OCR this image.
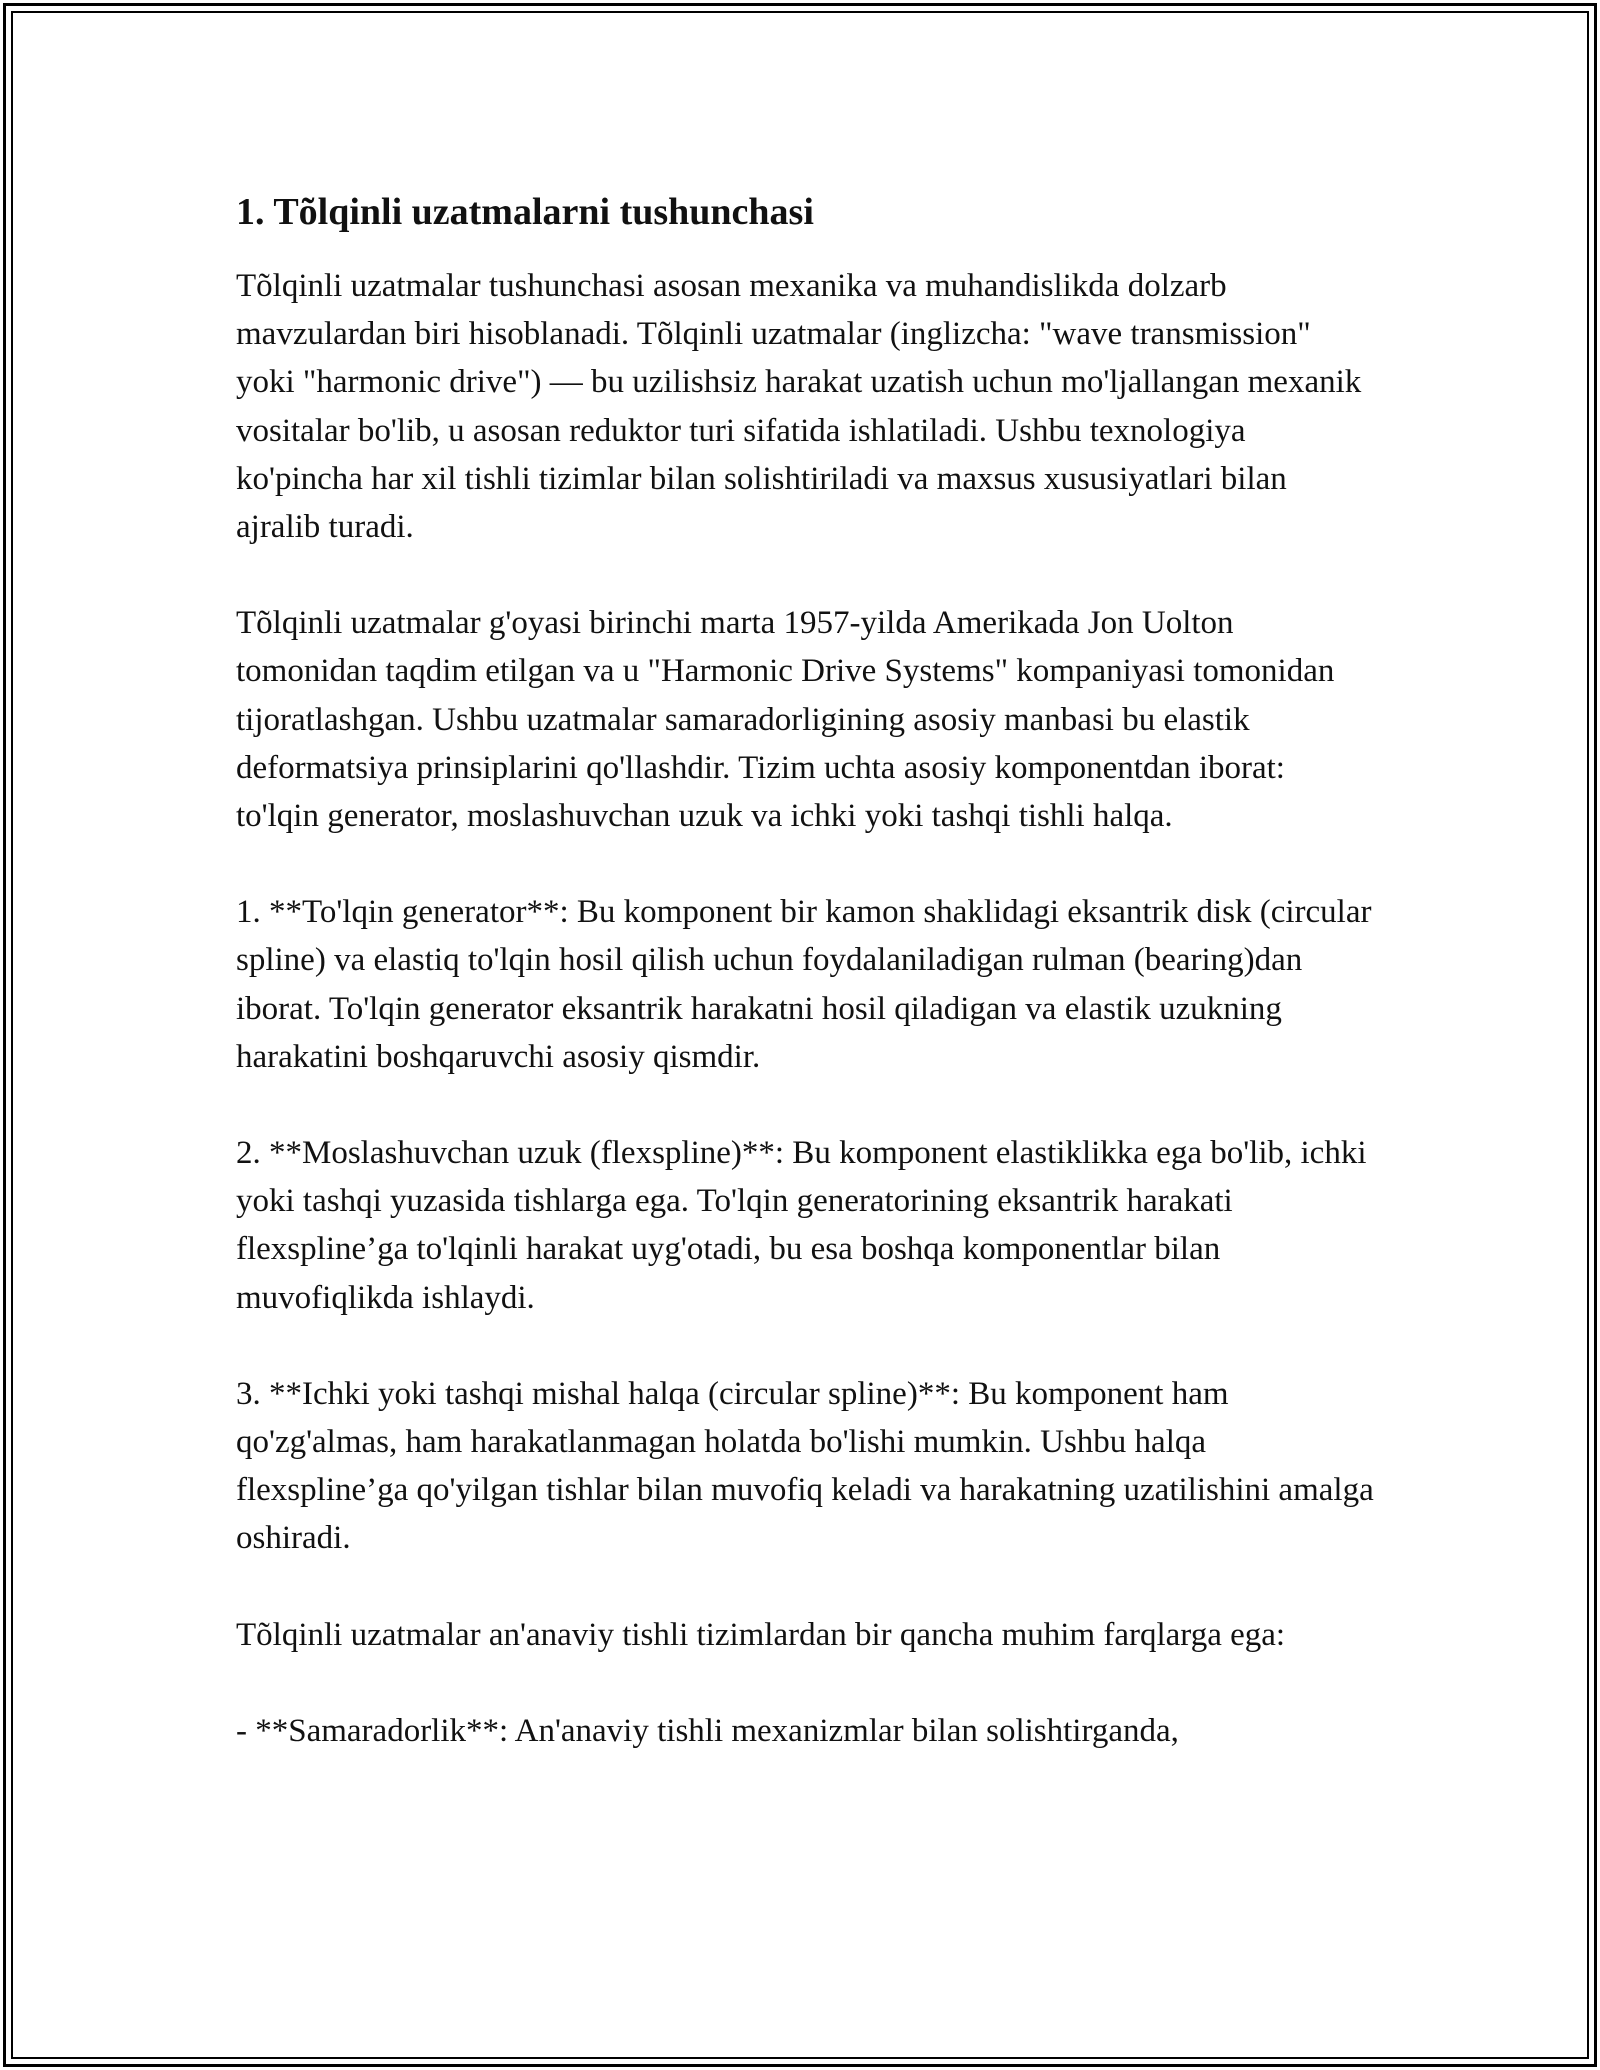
1. Tõlqinli uzatmalarni tushunchasi

Tõlqinli uzatmalar tushunchasi asosan mexanika va muhandislikda dolzarb mavzulardan biri hisoblanadi. Tõlqinli uzatmalar (inglizcha: "wave transmission" yoki "harmonic drive") — bu uzilishsiz harakat uzatish uchun mo'ljallangan mexanik vositalar bo'lib, u asosan reduktor turi sifatida ishlatiladi. Ushbu texnologiya ko'pincha har xil tishli tizimlar bilan solishtiriladi va maxsus xususiyatlari bilan ajralib turadi.

Tõlqinli uzatmalar g'oyasi birinchi marta 1957-yilda Amerikada Jon Uolton tomonidan taqdim etilgan va u "Harmonic Drive Systems" kompaniyasi tomonidan tijoratlashgan. Ushbu uzatmalar samaradorligining asosiy manbasi bu elastik deformatsiya prinsiplarini qo'llashdir. Tizim uchta asosiy komponentdan iborat: to'lqin generator, moslashuvchan uzuk va ichki yoki tashqi tishli halqa.

1. **To'lqin generator**: Bu komponent bir kamon shaklidagi eksantrik disk (circular spline) va elastiq to'lqin hosil qilish uchun foydalaniladigan rulman (bearing)dan iborat. To'lqin generator eksantrik harakatni hosil qiladigan va elastik uzukning harakatini boshqaruvchi asosiy qismdir.

2. **Moslashuvchan uzuk (flexspline)**: Bu komponent elastiklikka ega bo'lib, ichki yoki tashqi yuzasida tishlarga ega. To'lqin generatorining eksantrik harakati flexspline’ga to'lqinli harakat uyg'otadi, bu esa boshqa komponentlar bilan muvofiqlikda ishlaydi.

3. **Ichki yoki tashqi mishal halqa (circular spline)**: Bu komponent ham qo'zg'almas, ham harakatlanmagan holatda bo'lishi mumkin. Ushbu halqa flexspline’ga qo'yilgan tishlar bilan muvofiq keladi va harakatning uzatilishini amalga oshiradi.

Tõlqinli uzatmalar an'anaviy tishli tizimlardan bir qancha muhim farqlarga ega:

- **Samaradorlik**: An'anaviy tishli mexanizmlar bilan solishtirganda,
